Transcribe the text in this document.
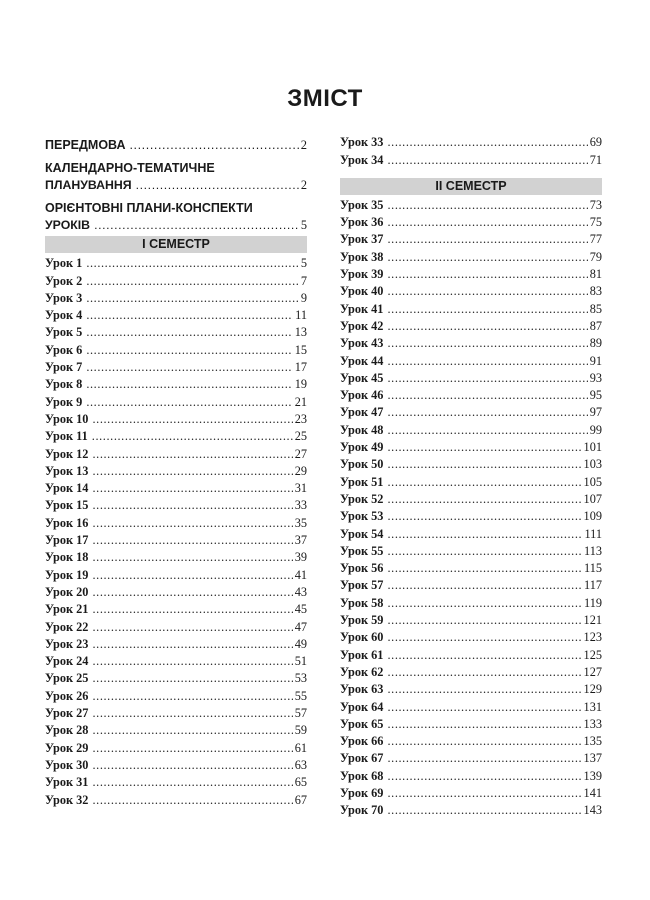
ЗМІСТ
ПЕРЕДМОВА .....	2
КАЛЕНДАРНО-ТЕМАТИЧНЕ
ПЛАНУВАННЯ .....	2
ОРІЄНТОВНІ ПЛАНИ-КОНСПЕКТИ
УРОКІВ .....	5
І СЕМЕСТР
Урок 1 .....	5
Урок 2 .....	7
Урок 3 .....	9
Урок 4 .....	11
Урок 5 .....	13
Урок 6 .....	15
Урок 7 .....	17
Урок 8 .....	19
Урок 9 .....	21
Урок 10 .....	23
Урок 11 .....	25
Урок 12 .....	27
Урок 13 .....	29
Урок 14 .....	31
Урок 15 .....	33
Урок 16 .....	35
Урок 17 .....	37
Урок 18 .....	39
Урок 19 .....	41
Урок 20 .....	43
Урок 21 .....	45
Урок 22 .....	47
Урок 23 .....	49
Урок 24 .....	51
Урок 25 .....	53
Урок 26 .....	55
Урок 27 .....	57
Урок 28 .....	59
Урок 29 .....	61
Урок 30 .....	63
Урок 31 .....	65
Урок 32 .....	67
Урок 33 .....	69
Урок 34 .....	71
ІІ СЕМЕСТР
Урок 35 .....	73
Урок 36 .....	75
Урок 37 .....	77
Урок 38 .....	79
Урок 39 .....	81
Урок 40 .....	83
Урок 41 .....	85
Урок 42 .....	87
Урок 43 .....	89
Урок 44 .....	91
Урок 45 .....	93
Урок 46 .....	95
Урок 47 .....	97
Урок 48 .....	99
Урок 49 .....	101
Урок 50 .....	103
Урок 51 .....	105
Урок 52 .....	107
Урок 53 .....	109
Урок 54 .....	111
Урок 55 .....	113
Урок 56 .....	115
Урок 57 .....	117
Урок 58 .....	119
Урок 59 .....	121
Урок 60 .....	123
Урок 61 .....	125
Урок 62 .....	127
Урок 63 .....	129
Урок 64 .....	131
Урок 65 .....	133
Урок 66 .....	135
Урок 67 .....	137
Урок 68 .....	139
Урок 69 .....	141
Урок 70 .....	143
